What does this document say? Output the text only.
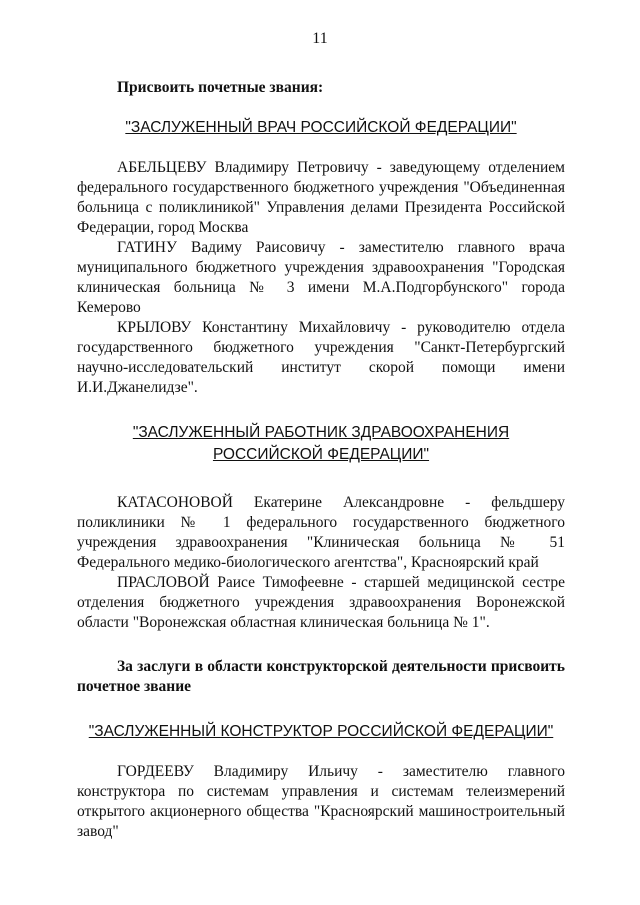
11

Присвоить почетные звания:

"ЗАСЛУЖЕННЫЙ ВРАЧ РОССИЙСКОЙ ФЕДЕРАЦИИ"

АБЕЛЬЦЕВУ Владимиру Петровичу - заведующему отделением федерального государственного бюджетного учреждения "Объединенная больница с поликлиникой" Управления делами Президента Российской Федерации, город Москва

ГАТИНУ Вадиму Раисовичу - заместителю главного врача муниципального бюджетного учреждения здравоохранения "Городская клиническая больница № 3 имени М.А.Подгорбунского" города Кемерово

КРЫЛОВУ Константину Михайловичу - руководителю отдела государственного бюджетного учреждения "Санкт-Петербургский научно-исследовательский институт скорой помощи имени И.И.Джанелидзе".

"ЗАСЛУЖЕННЫЙ РАБОТНИК ЗДРАВООХРАНЕНИЯ
РОССИЙСКОЙ ФЕДЕРАЦИИ"

КАТАСОНОВОЙ Екатерине Александровне - фельдшеру поликлиники № 1 федерального государственного бюджетного учреждения здравоохранения "Клиническая больница № 51 Федерального медико-биологического агентства", Красноярский край

ПРАСЛОВОЙ Раисе Тимофеевне - старшей медицинской сестре отделения бюджетного учреждения здравоохранения Воронежской области "Воронежская областная клиническая больница № 1".

За заслуги в области конструкторской деятельности присвоить почетное звание

"ЗАСЛУЖЕННЫЙ КОНСТРУКТОР РОССИЙСКОЙ ФЕДЕРАЦИИ"

ГОРДЕЕВУ Владимиру Ильичу - заместителю главного конструктора по системам управления и системам телеизмерений открытого акционерного общества "Красноярский машиностроительный завод"
